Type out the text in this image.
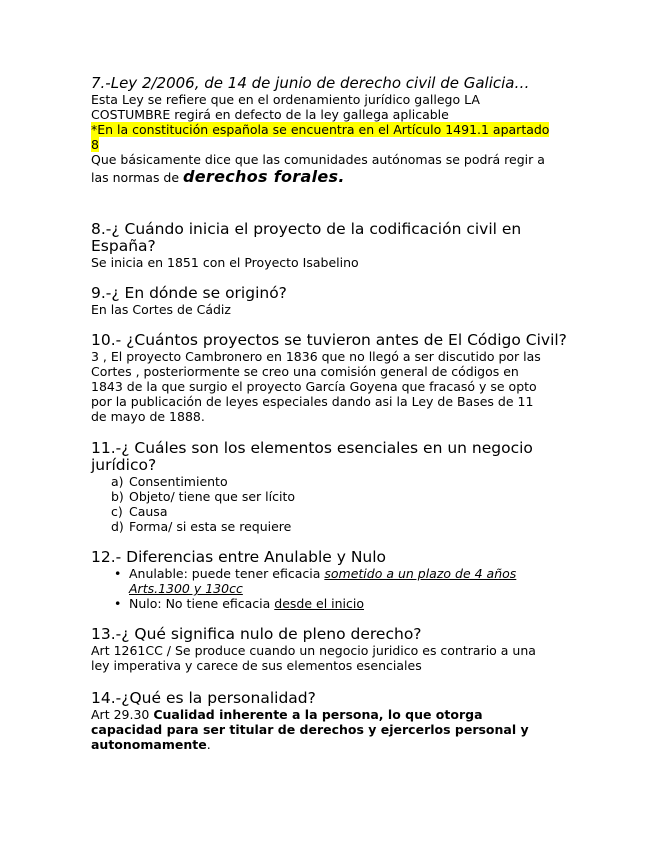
7.-Ley 2/2006, de 14 de junio de derecho civil de Galicia…

Esta Ley se refiere que en el ordenamiento jurídico gallego LA

COSTUMBRE regirá en defecto de la ley gallega aplicable

*En la constitución española se encuentra en el Artículo 1491.1 apartado

8

Que básicamente dice que las comunidades autónomas se podrá regir a

las normas de derechos forales.

8.-¿ Cuándo inicia el proyecto de la codificación civil en

España?

Se inicia en 1851 con el Proyecto Isabelino

9.-¿ En dónde se originó?

En las Cortes de Cádiz

10.- ¿Cuántos proyectos se tuvieron antes de El Código Civil?

3 , El proyecto Cambronero en 1836 que no llegó a ser discutido por las

Cortes , posteriormente se creo una comisión general de códigos en

1843 de la que surgio el proyecto García Goyena que fracasó y se opto

por la publicación de leyes especiales dando asi la Ley de Bases de 11

de mayo de 1888.

11.-¿ Cuáles son los elementos esenciales en un negocio

jurídico?

a) Consentimiento
b) Objeto/ tiene que ser lícito
c) Causa
d) Forma/ si esta se requiere

12.- Diferencias entre Anulable y Nulo

• Anulable: puede tener eficacia sometido a un plazo de 4 años
Arts.1300 y 130cc
• Nulo: No tiene eficacia desde el inicio

13.-¿ Qué significa nulo de pleno derecho?

Art 1261CC / Se produce cuando un negocio juridico es contrario a una

ley imperativa y carece de sus elementos esenciales

14.-¿Qué es la personalidad?

Art 29.30 Cualidad inherente a la persona, lo que otorga

capacidad para ser titular de derechos y ejercerlos personal y

autonomamente.
